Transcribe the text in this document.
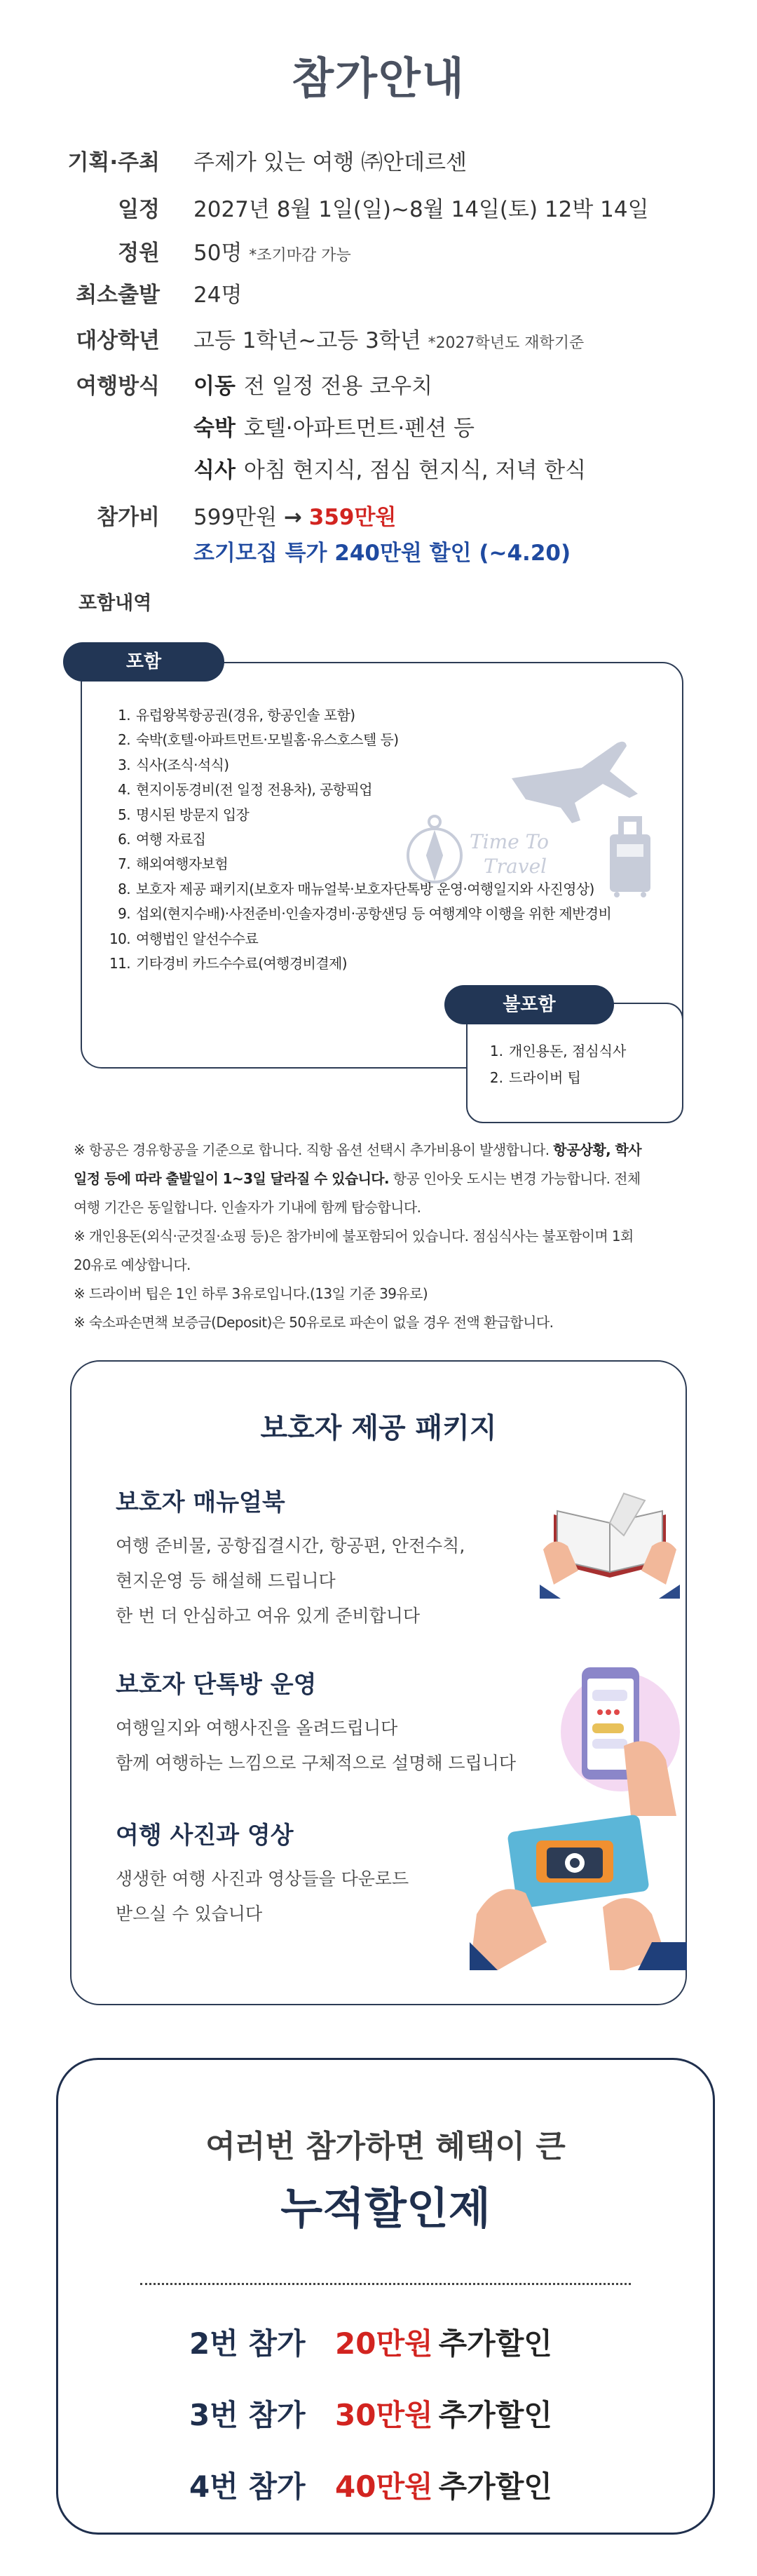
참가안내
기획·주최 주제가 있는 여행 ㈜안데르센
일정 2027년 8월 1일(일)~8월 14일(토) 12박 14일
정원 50명 *조기마감 가능
최소출발 24명
대상학년 고등 1학년~고등 3학년 *2027학년도 재학기준
여행방식 이동 전 일정 전용 코우치
숙박 호텔·아파트먼트·펜션 등
식사 아침 현지식, 점심 현지식, 저녁 한식
참가비 599만원 → 359만원
조기모집 특가 240만원 할인 (~4.20)
포함내역
포함
Time To
Travel
1. 유럽왕복항공권(경유, 항공인솔 포함)
2. 숙박(호텔·아파트먼트·모빌홈·유스호스텔 등)
3. 식사(조식·석식)
4. 현지이동경비(전 일정 전용차), 공항픽업
5. 명시된 방문지 입장
6. 여행 자료집
7. 해외여행자보험
8. 보호자 제공 패키지(보호자 매뉴얼북·보호자단톡방 운영·여행일지와 사진영상)
9. 섭외(현지수배)·사전준비·인솔자경비·공항샌딩 등 여행계약 이행을 위한 제반경비
10. 여행법인 알선수수료
11. 기타경비 카드수수료(여행경비결제)
불포함
1. 개인용돈, 점심식사
2. 드라이버 팁
※ 항공은 경유항공을 기준으로 합니다. 직항 옵션 선택시 추가비용이 발생합니다. 항공상황, 학사
일정 등에 따라 출발일이 1~3일 달라질 수 있습니다. 항공 인아웃 도시는 변경 가능합니다. 전체
여행 기간은 동일합니다. 인솔자가 기내에 함께 탑승합니다.
※ 개인용돈(외식·군것질·쇼핑 등)은 참가비에 불포함되어 있습니다. 점심식사는 불포함이며 1회
20유로 예상합니다.
※ 드라이버 팁은 1인 하루 3유로입니다.(13일 기준 39유로)
※ 숙소파손면책 보증금(Deposit)은 50유로로 파손이 없을 경우 전액 환급합니다.
보호자 제공 패키지
보호자 매뉴얼북
여행 준비물, 공항집결시간, 항공편, 안전수칙,
현지운영 등 해설해 드립니다
한 번 더 안심하고 여유 있게 준비합니다
보호자 단톡방 운영
여행일지와 여행사진을 올려드립니다
함께 여행하는 느낌으로 구체적으로 설명해 드립니다
여행 사진과 영상
생생한 여행 사진과 영상들을 다운로드
받으실 수 있습니다
여러번 참가하면 혜택이 큰
누적할인제
2번 참가 20만원 추가할인
3번 참가 30만원 추가할인
4번 참가 40만원 추가할인
